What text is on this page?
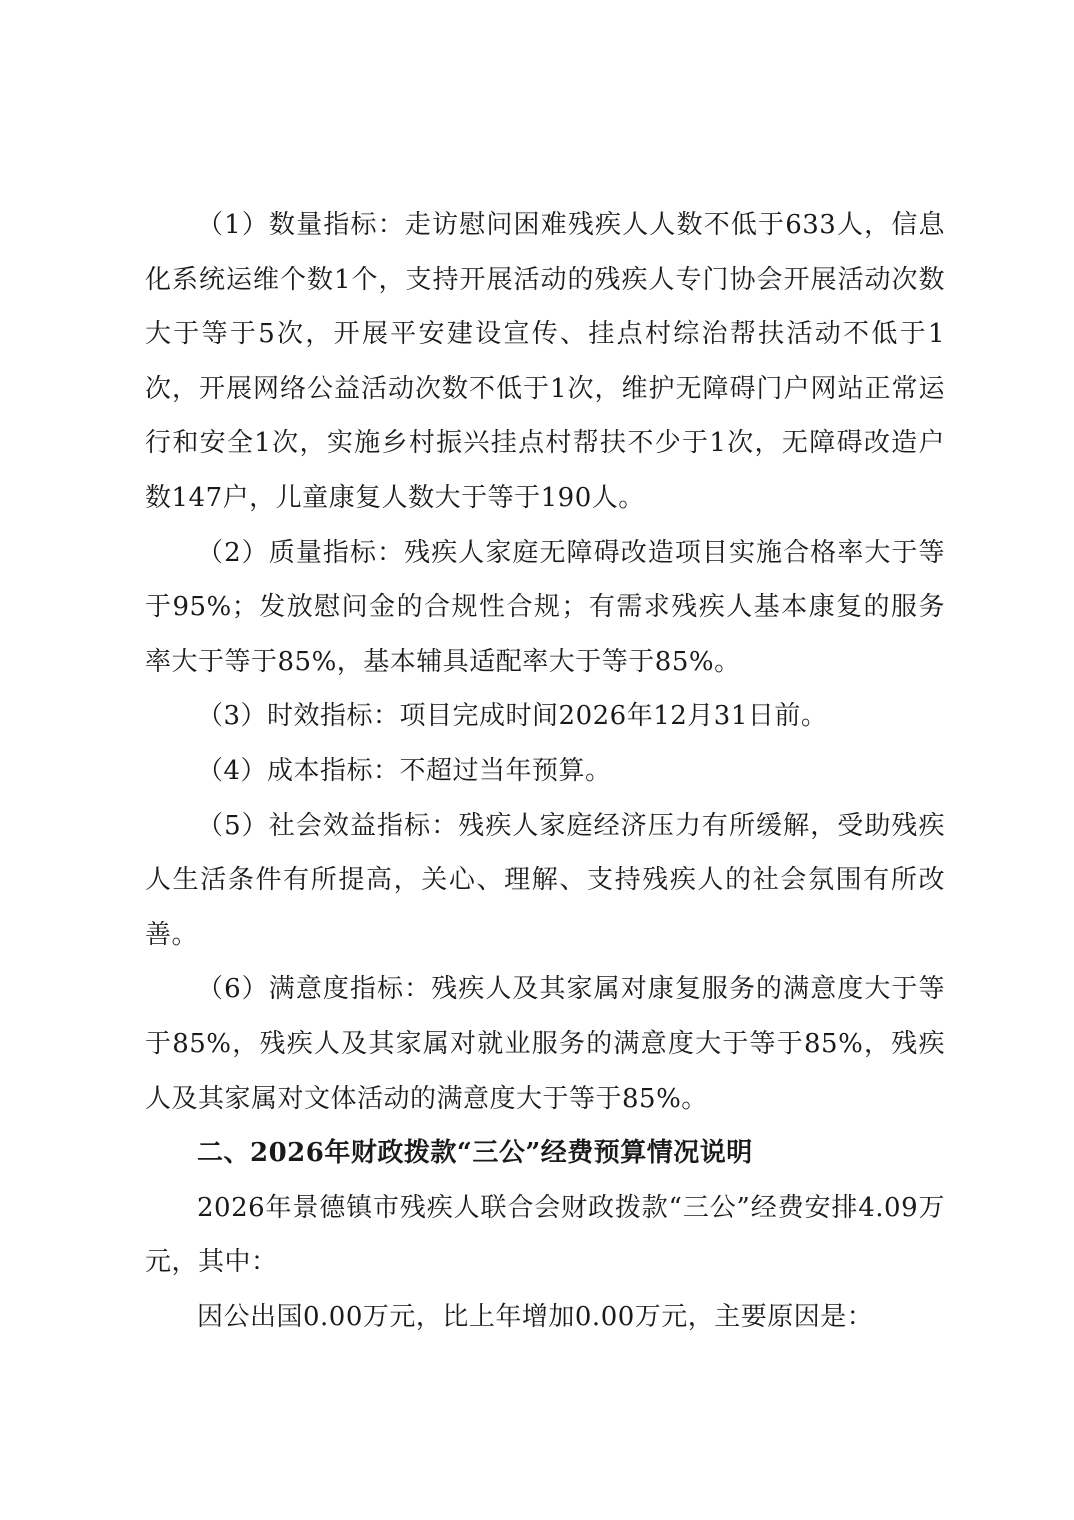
（1）数量指标：走访慰问困难残疾人人数不低于633人，信息化系统运维个数1个，支持开展活动的残疾人专门协会开展活动次数大于等于5次，开展平安建设宣传、挂点村综治帮扶活动不低于1次，开展网络公益活动次数不低于1次，维护无障碍门户网站正常运行和安全1次，实施乡村振兴挂点村帮扶不少于1次，无障碍改造户数147户，儿童康复人数大于等于190人。

（2）质量指标：残疾人家庭无障碍改造项目实施合格率大于等于95%；发放慰问金的合规性合规；有需求残疾人基本康复的服务率大于等于85%，基本辅具适配率大于等于85%。

（3）时效指标：项目完成时间2026年12月31日前。

（4）成本指标：不超过当年预算。

（5）社会效益指标：残疾人家庭经济压力有所缓解，受助残疾人生活条件有所提高，关心、理解、支持残疾人的社会氛围有所改善。

（6）满意度指标：残疾人及其家属对康复服务的满意度大于等于85%，残疾人及其家属对就业服务的满意度大于等于85%，残疾人及其家属对文体活动的满意度大于等于85%。

二、2026年财政拨款“三公”经费预算情况说明

2026年景德镇市残疾人联合会财政拨款“三公”经费安排4.09万元，其中：

因公出国0.00万元，比上年增加0.00万元，主要原因是：
